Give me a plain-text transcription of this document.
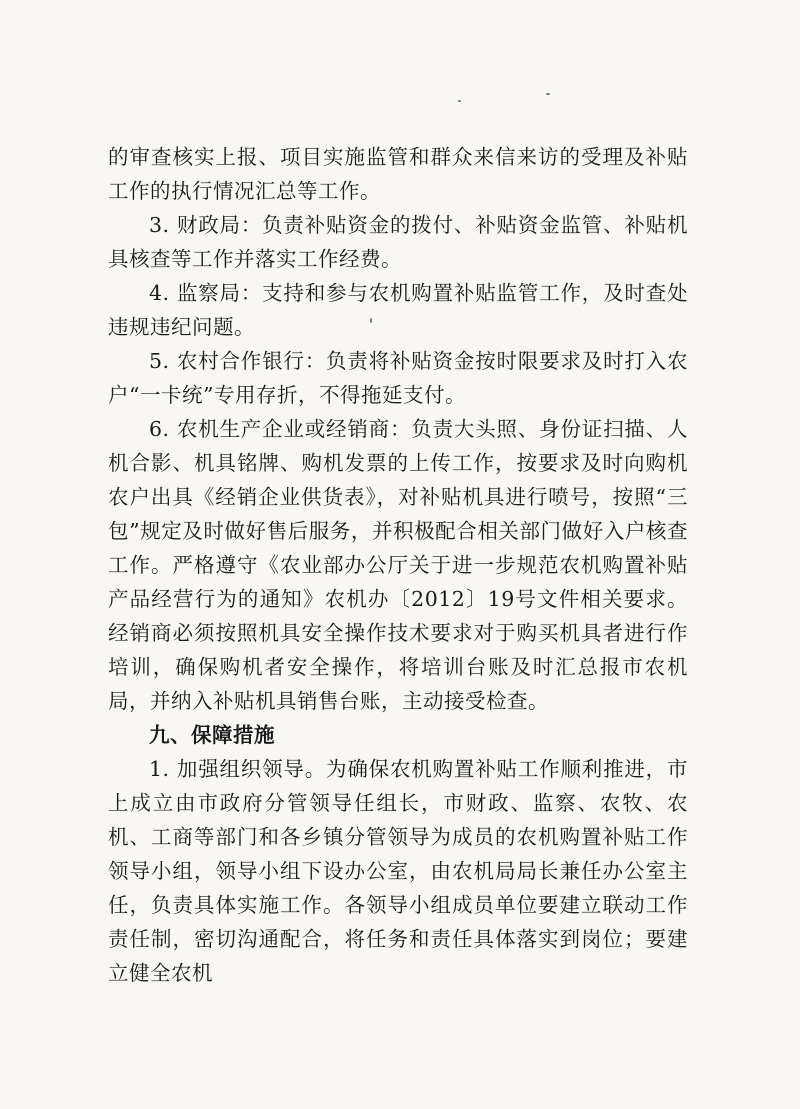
的审查核实上报、项目实施监管和群众来信来访的受理及补贴工作的执行情况汇总等工作。

3. 财政局：负责补贴资金的拨付、补贴资金监管、补贴机具核查等工作并落实工作经费。

4. 监察局：支持和参与农机购置补贴监管工作，及时查处违规违纪问题。

5. 农村合作银行：负责将补贴资金按时限要求及时打入农户“一卡统”专用存折，不得拖延支付。

6. 农机生产企业或经销商：负责大头照、身份证扫描、人机合影、机具铭牌、购机发票的上传工作，按要求及时向购机农户出具《经销企业供货表》，对补贴机具进行喷号，按照“三包”规定及时做好售后服务，并积极配合相关部门做好入户核查工作。严格遵守《农业部办公厅关于进一步规范农机购置补贴产品经营行为的通知》农机办〔2012〕19号文件相关要求。经销商必须按照机具安全操作技术要求对于购买机具者进行作培训，确保购机者安全操作，将培训台账及时汇总报市农机局，并纳入补贴机具销售台账，主动接受检查。

九、保障措施

1. 加强组织领导。为确保农机购置补贴工作顺利推进，市上成立由市政府分管领导任组长，市财政、监察、农牧、农机、工商等部门和各乡镇分管领导为成员的农机购置补贴工作领导小组，领导小组下设办公室，由农机局局长兼任办公室主任，负责具体实施工作。各领导小组成员单位要建立联动工作责任制，密切沟通配合，将任务和责任具体落实到岗位；要建立健全农机
